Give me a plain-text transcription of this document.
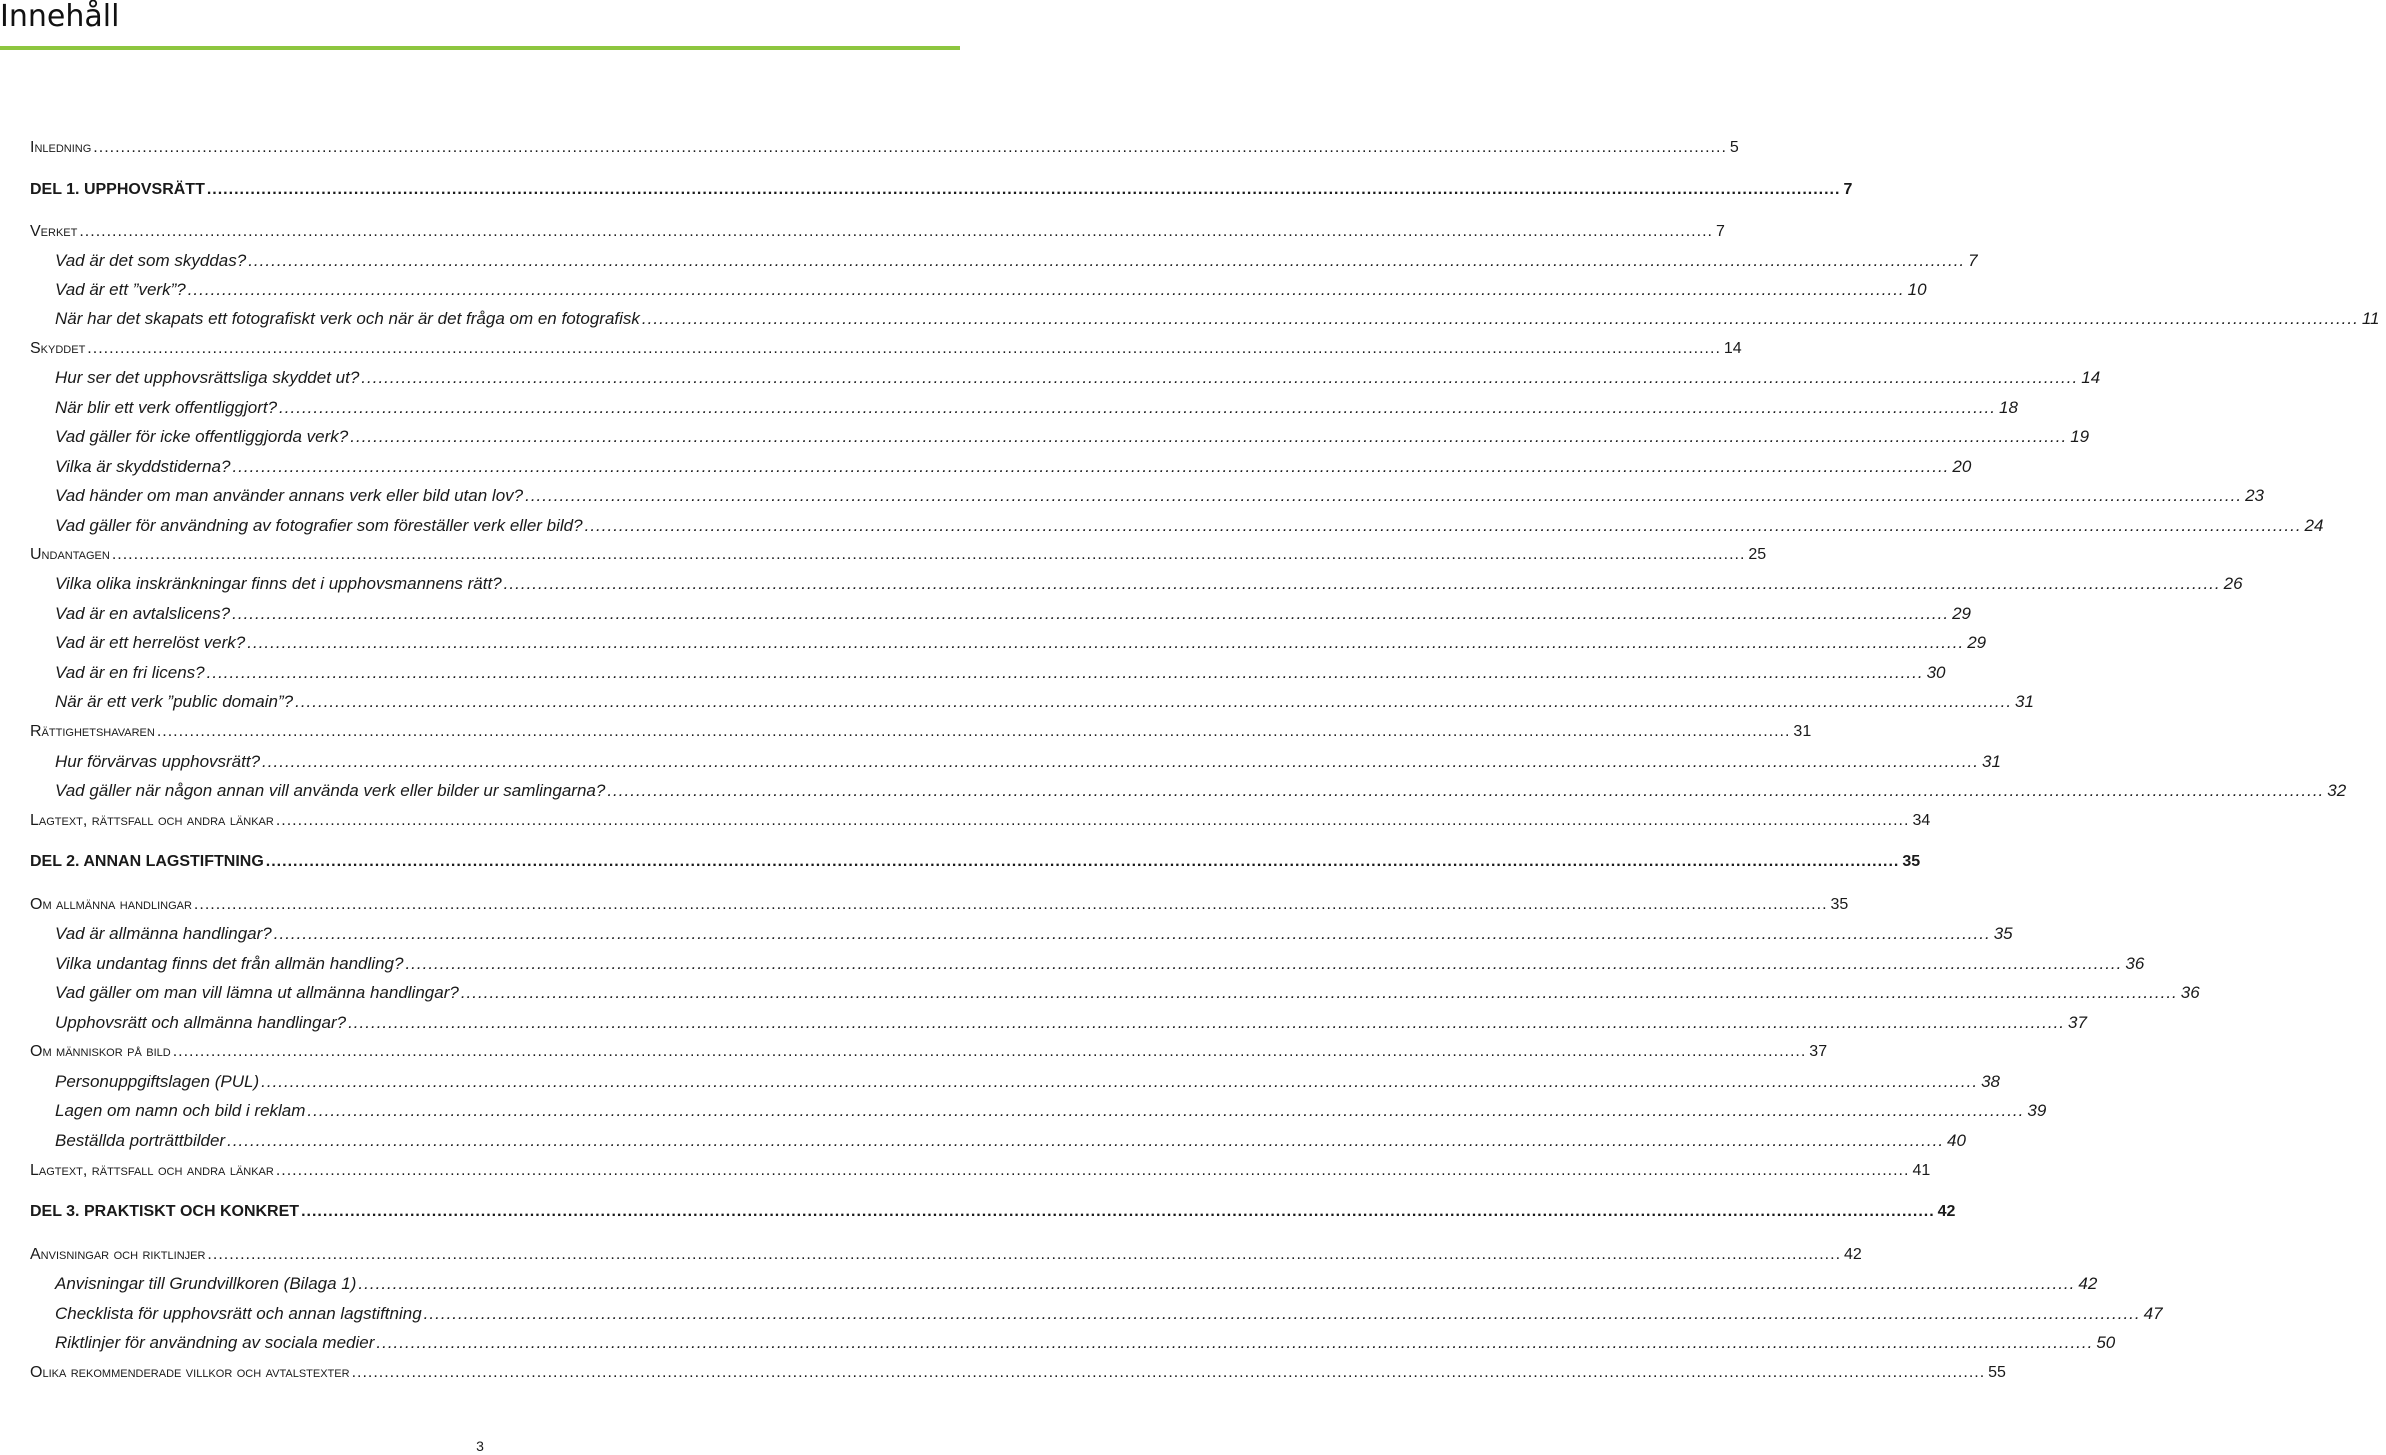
Innehåll
Inledning ............................................................................................................................................................................................................................................................................................................ 5
DEL 1. UPPHOVSRÄTT ............................................................................................................................................................................................................................................................................................................ 7
Verket ............................................................................................................................................................................................................................................................................................................ 7
Vad är det som skyddas? ............................................................................................................................................................................................................................................................................................................ 7
Vad är ett ”verk”? ............................................................................................................................................................................................................................................................................................................ 10
När har det skapats ett fotografiskt verk och när är det fråga om en fotografisk ............................................................................................................................................................................................................................................................................................................ 11
Skyddet ............................................................................................................................................................................................................................................................................................................ 14
Hur ser det upphovsrättsliga skyddet ut? ............................................................................................................................................................................................................................................................................................................ 14
När blir ett verk offentliggjort? ............................................................................................................................................................................................................................................................................................................ 18
Vad gäller för icke offentliggjorda verk? ............................................................................................................................................................................................................................................................................................................ 19
Vilka är skyddstiderna? ............................................................................................................................................................................................................................................................................................................ 20
Vad händer om man använder annans verk eller bild utan lov? ............................................................................................................................................................................................................................................................................................................ 23
Vad gäller för användning av fotografier som föreställer verk eller bild? ............................................................................................................................................................................................................................................................................................................ 24
Undantagen ............................................................................................................................................................................................................................................................................................................ 25
Vilka olika inskränkningar finns det i upphovsmannens rätt? ............................................................................................................................................................................................................................................................................................................ 26
Vad är en avtalslicens? ............................................................................................................................................................................................................................................................................................................ 29
Vad är ett herrelöst verk? ............................................................................................................................................................................................................................................................................................................ 29
Vad är en fri licens? ............................................................................................................................................................................................................................................................................................................ 30
När är ett verk ”public domain”? ............................................................................................................................................................................................................................................................................................................ 31
Rättighetshavaren ............................................................................................................................................................................................................................................................................................................ 31
Hur förvärvas upphovsrätt? ............................................................................................................................................................................................................................................................................................................ 31
Vad gäller när någon annan vill använda verk eller bilder ur samlingarna? ............................................................................................................................................................................................................................................................................................................ 32
Lagtext, rättsfall och andra länkar ............................................................................................................................................................................................................................................................................................................ 34
DEL 2. ANNAN LAGSTIFTNING ............................................................................................................................................................................................................................................................................................................ 35
Om allmänna handlingar ............................................................................................................................................................................................................................................................................................................ 35
Vad är allmänna handlingar? ............................................................................................................................................................................................................................................................................................................ 35
Vilka undantag finns det från allmän handling? ............................................................................................................................................................................................................................................................................................................ 36
Vad gäller om man vill lämna ut allmänna handlingar? ............................................................................................................................................................................................................................................................................................................ 36
Upphovsrätt och allmänna handlingar? ............................................................................................................................................................................................................................................................................................................ 37
Om människor på bild ............................................................................................................................................................................................................................................................................................................ 37
Personuppgiftslagen (PUL) ............................................................................................................................................................................................................................................................................................................ 38
Lagen om namn och bild i reklam ............................................................................................................................................................................................................................................................................................................ 39
Beställda porträttbilder ............................................................................................................................................................................................................................................................................................................ 40
Lagtext, rättsfall och andra länkar ............................................................................................................................................................................................................................................................................................................ 41
DEL 3. PRAKTISKT OCH KONKRET ............................................................................................................................................................................................................................................................................................................ 42
Anvisningar och riktlinjer ............................................................................................................................................................................................................................................................................................................ 42
Anvisningar till Grundvillkoren (Bilaga 1) ............................................................................................................................................................................................................................................................................................................ 42
Checklista för upphovsrätt och annan lagstiftning ............................................................................................................................................................................................................................................................................................................ 47
Riktlinjer för användning av sociala medier ............................................................................................................................................................................................................................................................................................................ 50
Olika rekommenderade villkor och avtalstexter ............................................................................................................................................................................................................................................................................................................ 55
3
